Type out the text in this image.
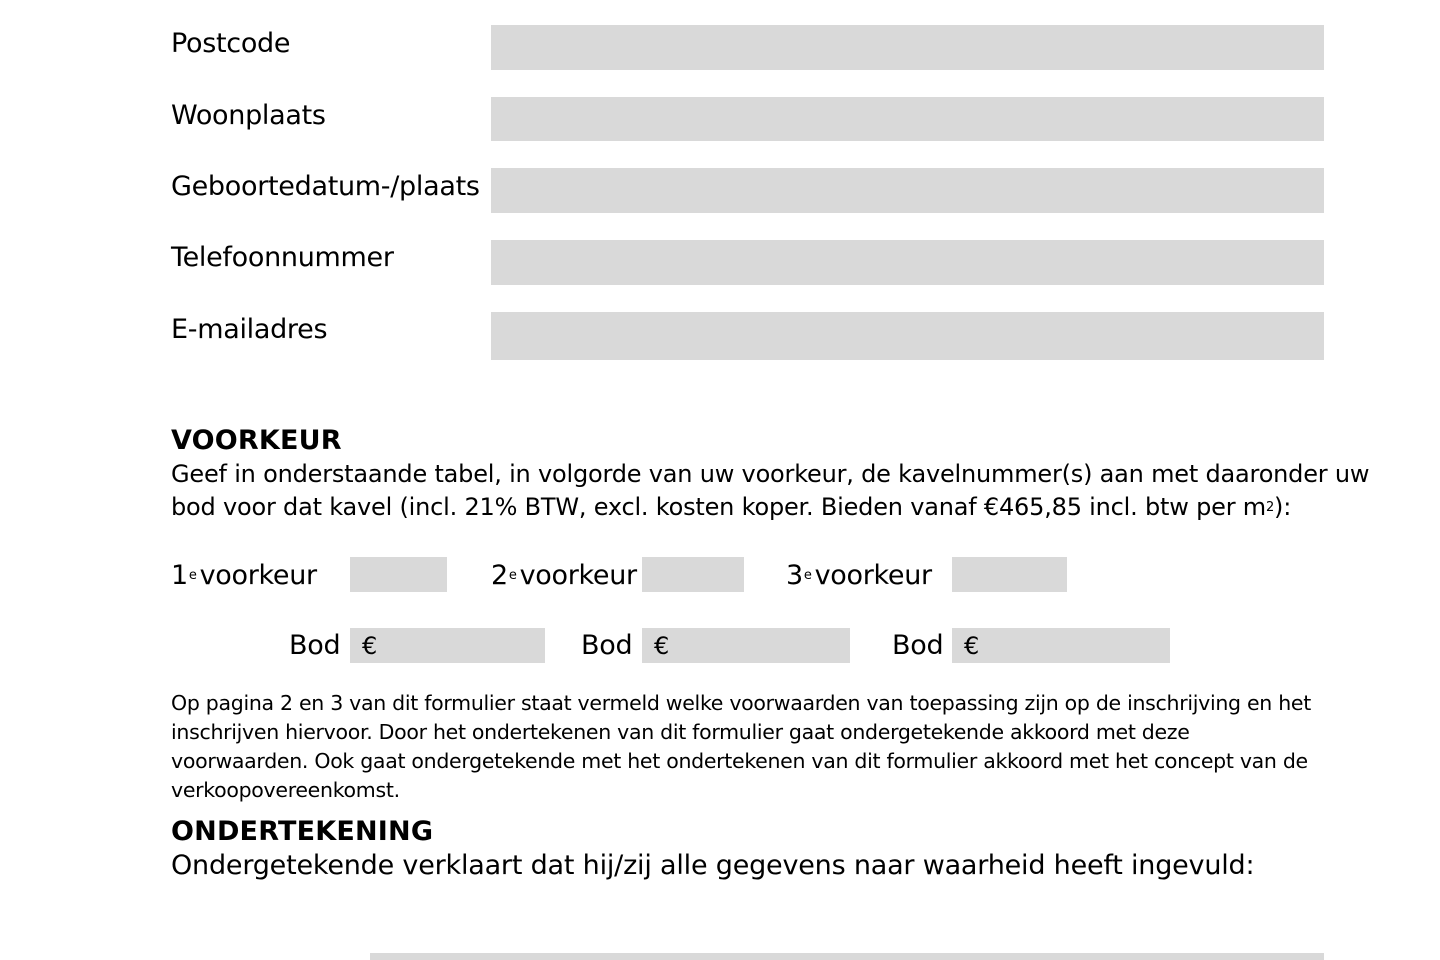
Postcode
Woonplaats
Geboortedatum-/plaats
Telefoonnummer
E-mailadres
VOORKEUR
Geef in onderstaande tabel, in volgorde van uw voorkeur, de kavelnummer(s) aan met daaronder uw
bod voor dat kavel (incl. 21% BTW, excl. kosten koper. Bieden vanaf €465,85 incl. btw per $m^2$):
1e voorkeur	2e voorkeur	3e voorkeur
Bod €	Bod €	Bod €
Op pagina 2 en 3 van dit formulier staat vermeld welke voorwaarden van toepassing zijn op de inschrijving en het
inschrijven hiervoor. Door het ondertekenen van dit formulier gaat ondergetekende akkoord met deze
voorwaarden. Ook gaat ondergetekende met het ondertekenen van dit formulier akkoord met het concept van de
verkoopovereenkomst.
ONDERTEKENING
Ondergetekende verklaart dat hij/zij alle gegevens naar waarheid heeft ingevuld:
